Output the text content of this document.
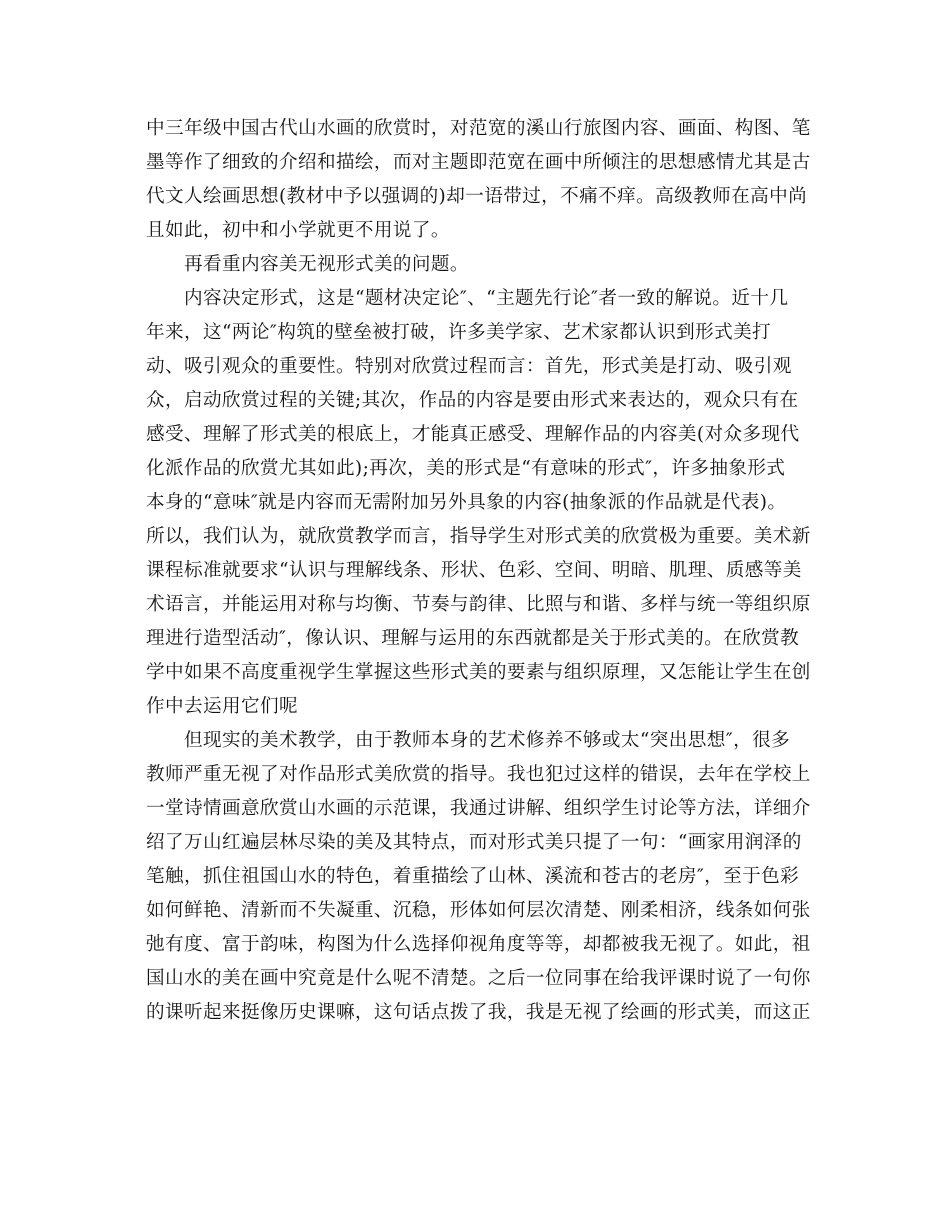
中三年级中国古代山水画的欣赏时，对范宽的溪山行旅图内容、画面、构图、笔
墨等作了细致的介绍和描绘，而对主题即范宽在画中所倾注的思想感情尤其是古
代文人绘画思想(教材中予以强调的)却一语带过，不痛不痒。高级教师在高中尚
且如此，初中和小学就更不用说了。
再看重内容美无视形式美的问题。
内容决定形式，这是“题材决定论″、“主题先行论″者一致的解说。近十几
年来，这“两论″构筑的壁垒被打破，许多美学家、艺术家都认识到形式美打
动、吸引观众的重要性。特别对欣赏过程而言：首先，形式美是打动、吸引观
众，启动欣赏过程的关键;其次，作品的内容是要由形式来表达的，观众只有在
感受、理解了形式美的根底上，才能真正感受、理解作品的内容美(对众多现代
化派作品的欣赏尤其如此);再次，美的形式是“有意味的形式″，许多抽象形式
本身的“意味″就是内容而无需附加另外具象的内容(抽象派的作品就是代表)。
所以，我们认为，就欣赏教学而言，指导学生对形式美的欣赏极为重要。美术新
课程标准就要求“认识与理解线条、形状、色彩、空间、明暗、肌理、质感等美
术语言，并能运用对称与均衡、节奏与韵律、比照与和谐、多样与统一等组织原
理进行造型活动″，像认识、理解与运用的东西就都是关于形式美的。在欣赏教
学中如果不高度重视学生掌握这些形式美的要素与组织原理，又怎能让学生在创
作中去运用它们呢
但现实的美术教学，由于教师本身的艺术修养不够或太“突出思想″，很多
教师严重无视了对作品形式美欣赏的指导。我也犯过这样的错误，去年在学校上
一堂诗情画意欣赏山水画的示范课，我通过讲解、组织学生讨论等方法，详细介
绍了万山红遍层林尽染的美及其特点，而对形式美只提了一句：“画家用润泽的
笔触，抓住祖国山水的特色，着重描绘了山林、溪流和苍古的老房″，至于色彩
如何鲜艳、清新而不失凝重、沉稳，形体如何层次清楚、刚柔相济，线条如何张
弛有度、富于韵味，构图为什么选择仰视角度等等，却都被我无视了。如此，祖
国山水的美在画中究竟是什么呢不清楚。之后一位同事在给我评课时说了一句你
的课听起来挺像历史课嘛，这句话点拨了我，我是无视了绘画的形式美，而这正
